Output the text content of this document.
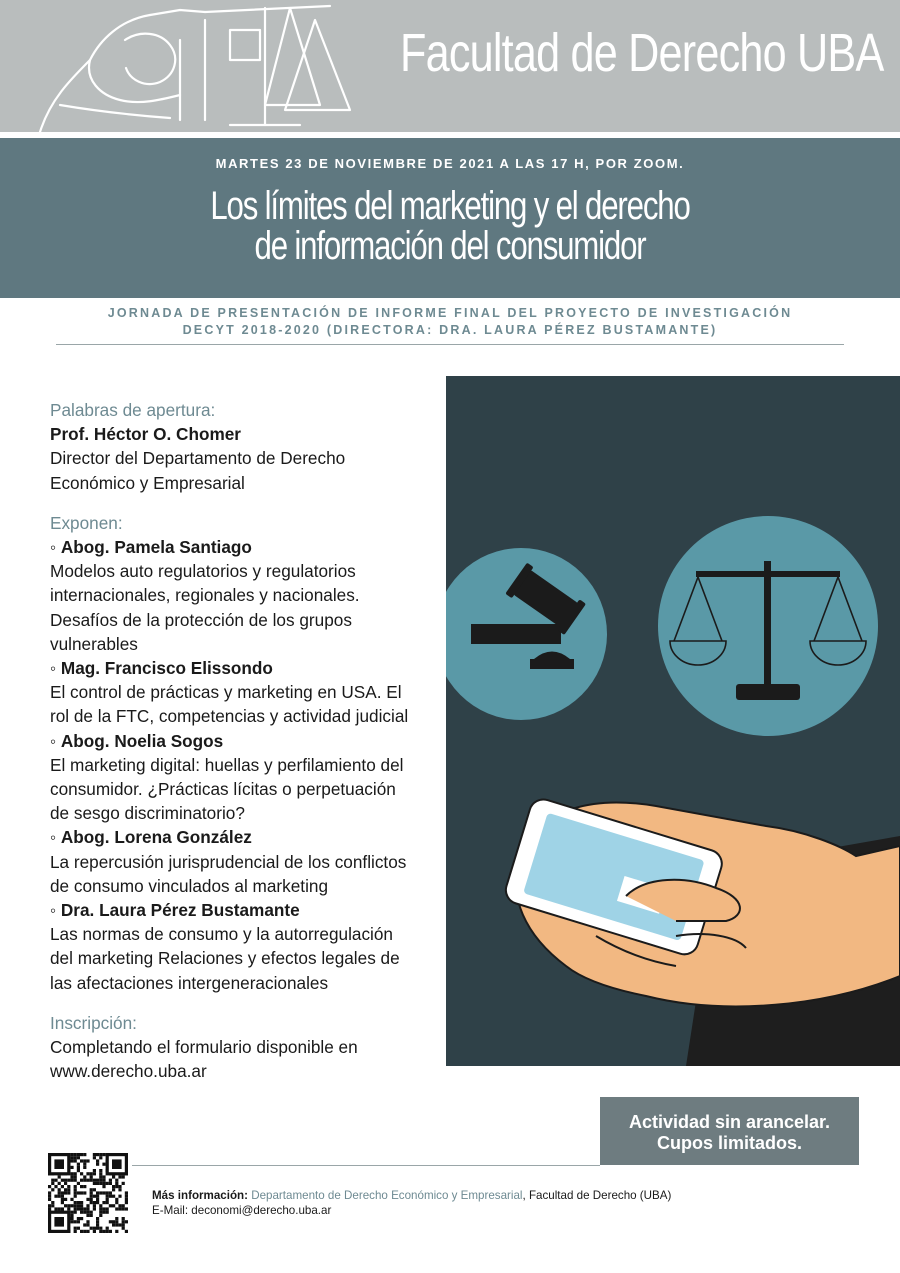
Facultad de Derecho UBA
MARTES 23 DE NOVIEMBRE DE 2021 A LAS 17 H, POR ZOOM.
Los límites del marketing y el derecho
de información del consumidor
JORNADA DE PRESENTACIÓN DE INFORME FINAL DEL PROYECTO DE INVESTIGACIÓN
DECYT 2018-2020 (DIRECTORA: DRA. LAURA PÉREZ BUSTAMANTE)
Palabras de apertura:
Prof. Héctor O. Chomer
Director del Departamento de Derecho
Económico y Empresarial
Exponen:
◦ Abog. Pamela Santiago

Modelos auto regulatorios y regulatorios
internacionales, regionales y nacionales.
Desafíos de la protección de los grupos
vulnerables
◦ Mag. Francisco Elissondo

El control de prácticas y marketing en USA. El
rol de la FTC, competencias y actividad judicial
◦ Abog. Noelia Sogos

El marketing digital: huellas y perfilamiento del
consumidor. ¿Prácticas lícitas o perpetuación
de sesgo discriminatorio?
◦ Abog. Lorena González

La repercusión jurisprudencial de los conflictos
de consumo vinculados al marketing
◦ Dra. Laura Pérez Bustamante

Las normas de consumo y la autorregulación
del marketing Relaciones y efectos legales de
las afectaciones intergeneracionales
Inscripción:
Completando el formulario disponible en
www.derecho.uba.ar
Actividad sin arancelar.
Cupos limitados.
Más información: Departamento de Derecho Económico y Empresarial, Facultad de Derecho (UBA)
E-Mail: deconomi@derecho.uba.ar
